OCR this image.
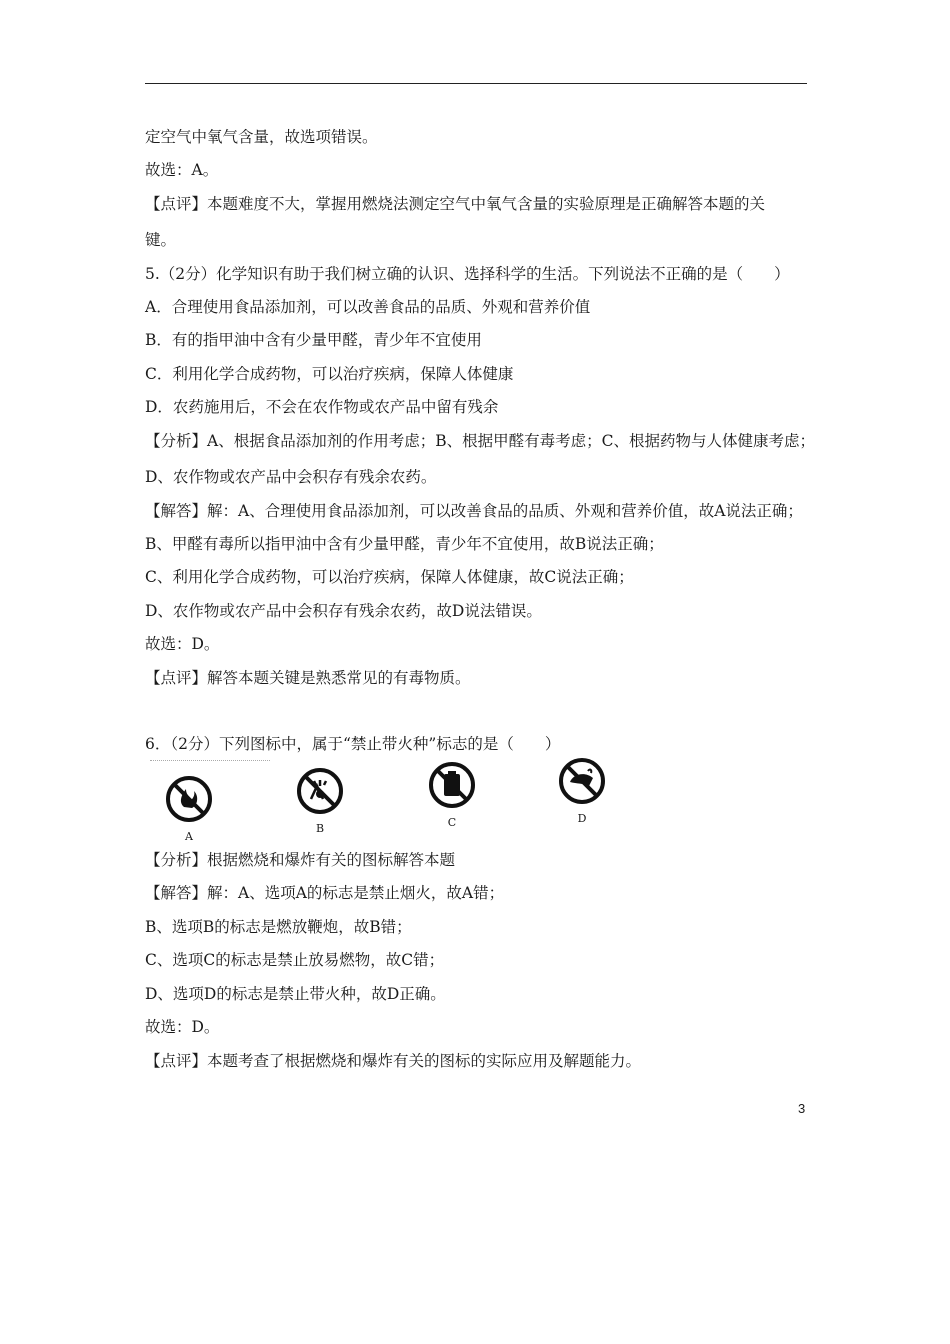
定空气中氧气含量，故选项错误。
故选：A。
【点评】本题难度不大，掌握用燃烧法测定空气中氧气含量的实验原理是正确解答本题的关
键。
5.（2分）化学知识有助于我们树立确的认识、选择科学的生活。下列说法不正确的是（　　）
A．合理使用食品添加剂，可以改善食品的品质、外观和营养价值
B．有的指甲油中含有少量甲醛，青少年不宜使用
C．利用化学合成药物，可以治疗疾病，保障人体健康
D．农药施用后，不会在农作物或农产品中留有残余
【分析】A、根据食品添加剂的作用考虑；B、根据甲醛有毒考虑；C、根据药物与人体健康考虑；
D、农作物或农产品中会积存有残余农药。
【解答】解：A、合理使用食品添加剂，可以改善食品的品质、外观和营养价值，故A说法正确；
B、甲醛有毒所以指甲油中含有少量甲醛，青少年不宜使用，故B说法正确；
C、利用化学合成药物，可以治疗疾病，保障人体健康，故C说法正确；
D、农作物或农产品中会积存有残余农药，故D说法错误。
故选：D。
【点评】解答本题关键是熟悉常见的有毒物质。
6．（2分）下列图标中，属于“禁止带火种”标志的是（　　）
A
B	C	D
【分析】根据燃烧和爆炸有关的图标解答本题
【解答】解：A、选项A的标志是禁止烟火，故A错；
B、选项B的标志是燃放鞭炮，故B错；
C、选项C的标志是禁止放易燃物，故C错；
D、选项D的标志是禁止带火种，故D正确。
故选：D。
【点评】本题考查了根据燃烧和爆炸有关的图标的实际应用及解题能力。
3
